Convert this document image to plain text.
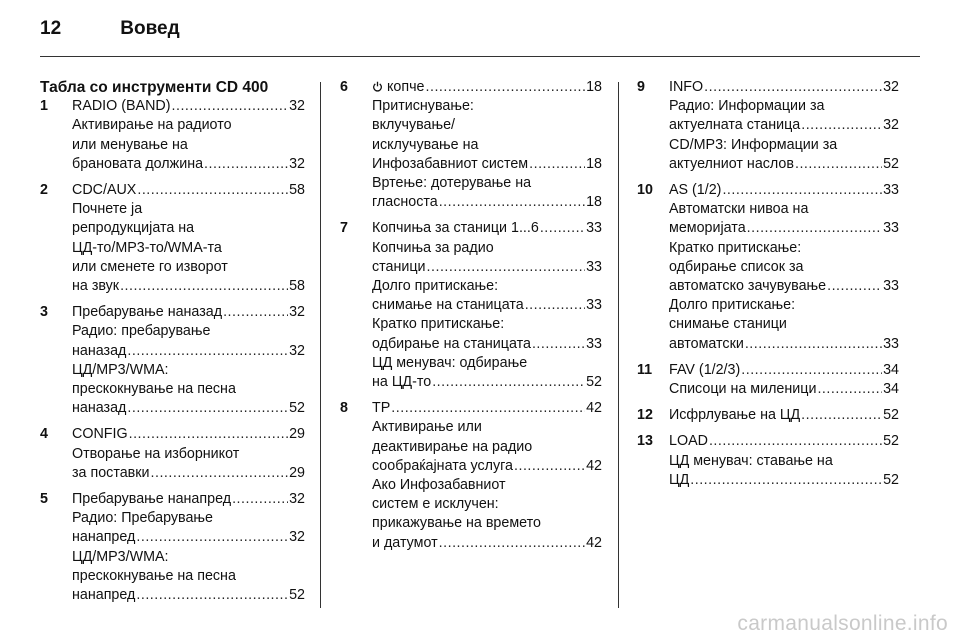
12	Вовед
Табла со инструменти CD 400
1	RADIO (BAND) .....	32
Активирање на радиото
или менување на
брановата должина .....	32
2	CDC/AUX .....	58
Почнете ја
репродукцијата на
ЦД-то/MP3-то/WMA-та
или сменете го изворот
на звук .....	58
3	Пребарување наназад .....	32
Радио: пребарување
наназад .....	32
ЦД/MP3/WMA:
прескокнување на песна
наназад .....	52
4	CONFIG .....	29
Отворање на изборникот
за поставки .....	29
5	Пребарување нанапред .....	32
Радио: Пребарување
нанапред .....	32
ЦД/MP3/WMA:
прескокнување на песна
нанапред .....	52
6	копче .....	18
Притиснување:
вклучување/
исклучување на
Инфозабавниот систем .....	18
Вртење: дотерување на
гласноста .....	18
7	Копчиња за станици 1...6 .....	33
Копчиња за радио
станици .....	33
Долго притискање:
снимање на станицата .....	33
Кратко притискање:
одбирање на станицата .....	33
ЦД менувач: одбирање
на ЦД-то .....	52
8	TP .....	42
Активирање или
деактивирање на радио
сообраќајната услуга .....	42
Ако Инфозабавниот
систем е исклучен:
прикажување на времето
и датумот .....	42
9	INFO .....	32
Радио: Информации за
актуелната станица .....	32
CD/MP3: Информации за
актуелниот наслов .....	52
10	AS (1/2) .....	33
Автоматски нивоа на
меморијата .....	33
Кратко притискање:
одбирање список за
автоматско зачувување .....	33
Долго притискање:
снимање станици
автоматски .....	33
11	FAV (1/2/3) .....	34
Списоци на миленици .....	34
12	Исфрлување на ЦД .....	52
13	LOAD .....	52
ЦД менувач: ставање на
ЦД .....	52
carmanualsonline.info
